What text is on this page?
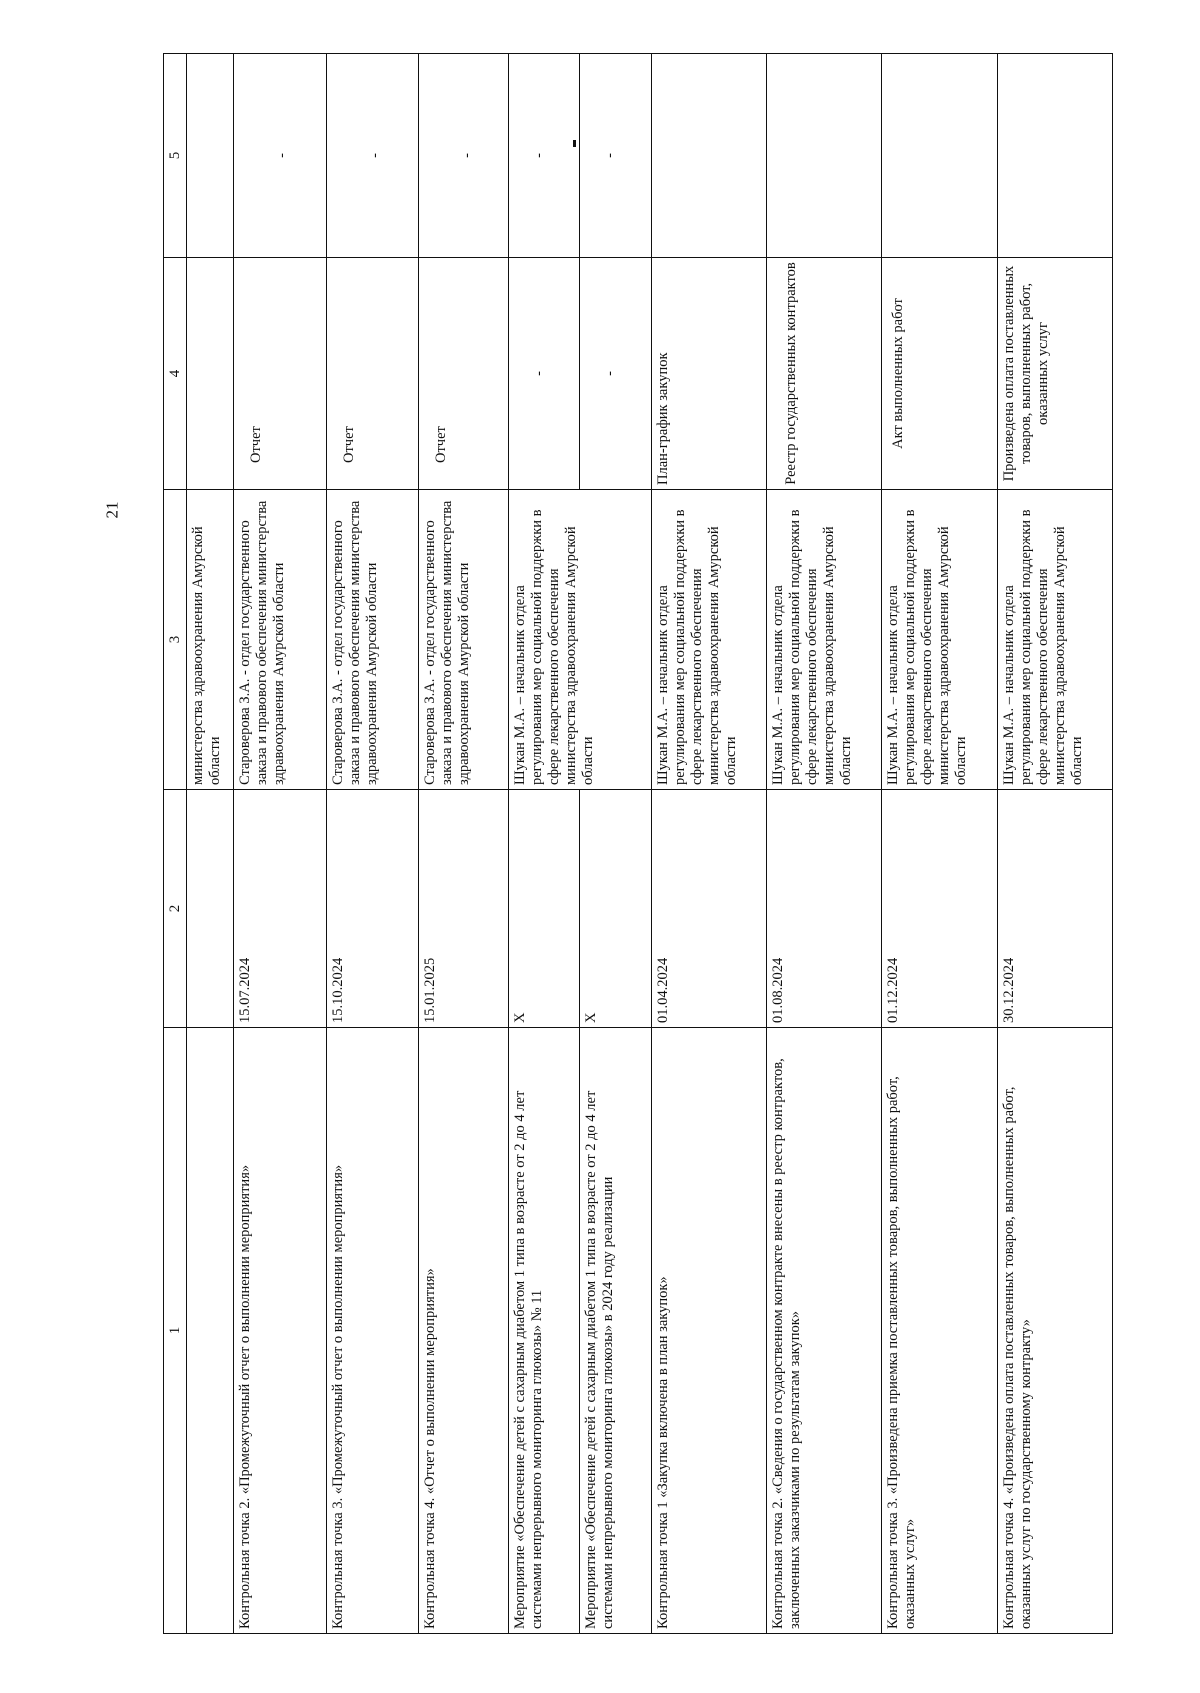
21
1	2	3	4	5
		министерства здравоохранения Амурской области		
Контрольная точка 2. «Промежуточный отчет о выполнении мероприятия»	15.07.2024	Староверова З.А. - отдел государственного заказа и правового обеспечения министерства здравоохранения Амурской области	Отчет	-
Контрольная точка 3. «Промежуточный отчет о выполнении мероприятия»	15.10.2024	Староверова З.А. - отдел государственного заказа и правового обеспечения министерства здравоохранения Амурской области	Отчет	-
Контрольная точка 4. «Отчет о выполнении мероприятия»	15.01.2025	Староверова З.А. - отдел государственного заказа и правового обеспечения министерства здравоохранения Амурской области	Отчет	-
Мероприятие «Обеспечение детей с сахарным диабетом 1 типа в возрасте от 2 до 4 лет системами непрерывного мониторинга глюкозы» № 11	X	Шукан М.А. – начальник отдела регулирования мер социальной поддержки в сфере лекарственного обеспечения министерства здравоохранения Амурской области	-	-
Мероприятие «Обеспечение детей с сахарным диабетом 1 типа в возрасте от 2 до 4 лет системами непрерывного мониторинга глюкозы» в 2024 году реализации	X		-	-
Контрольная точка 1 «Закупка включена в план закупок»	01.04.2024	Шукан М.А. – начальник отдела регулирования мер социальной поддержки в сфере лекарственного обеспечения министерства здравоохранения Амурской области	План-график закупок	
Контрольная точка 2. «Сведения о государственном контракте внесены в реестр контрактов, заключенных заказчиками по результатам закупок»	01.08.2024	Шукан М.А. – начальник отдела регулирования мер социальной поддержки в сфере лекарственного обеспечения министерства здравоохранения Амурской области	Реестр государственных контрактов	
Контрольная точка 3. «Произведена приемка поставленных товаров, выполненных работ, оказанных услуг»	01.12.2024	Шукан М.А. – начальник отдела регулирования мер социальной поддержки в сфере лекарственного обеспечения министерства здравоохранения Амурской области	Акт выполненных работ	
Контрольная точка 4. «Произведена оплата поставленных товаров, выполненных работ, оказанных услуг по государственному контракту»	30.12.2024	Шукан М.А. – начальник отдела регулирования мер социальной поддержки в сфере лекарственного обеспечения министерства здравоохранения Амурской области	Произведена оплата поставленных товаров, выполненных работ, оказанных услуг	
